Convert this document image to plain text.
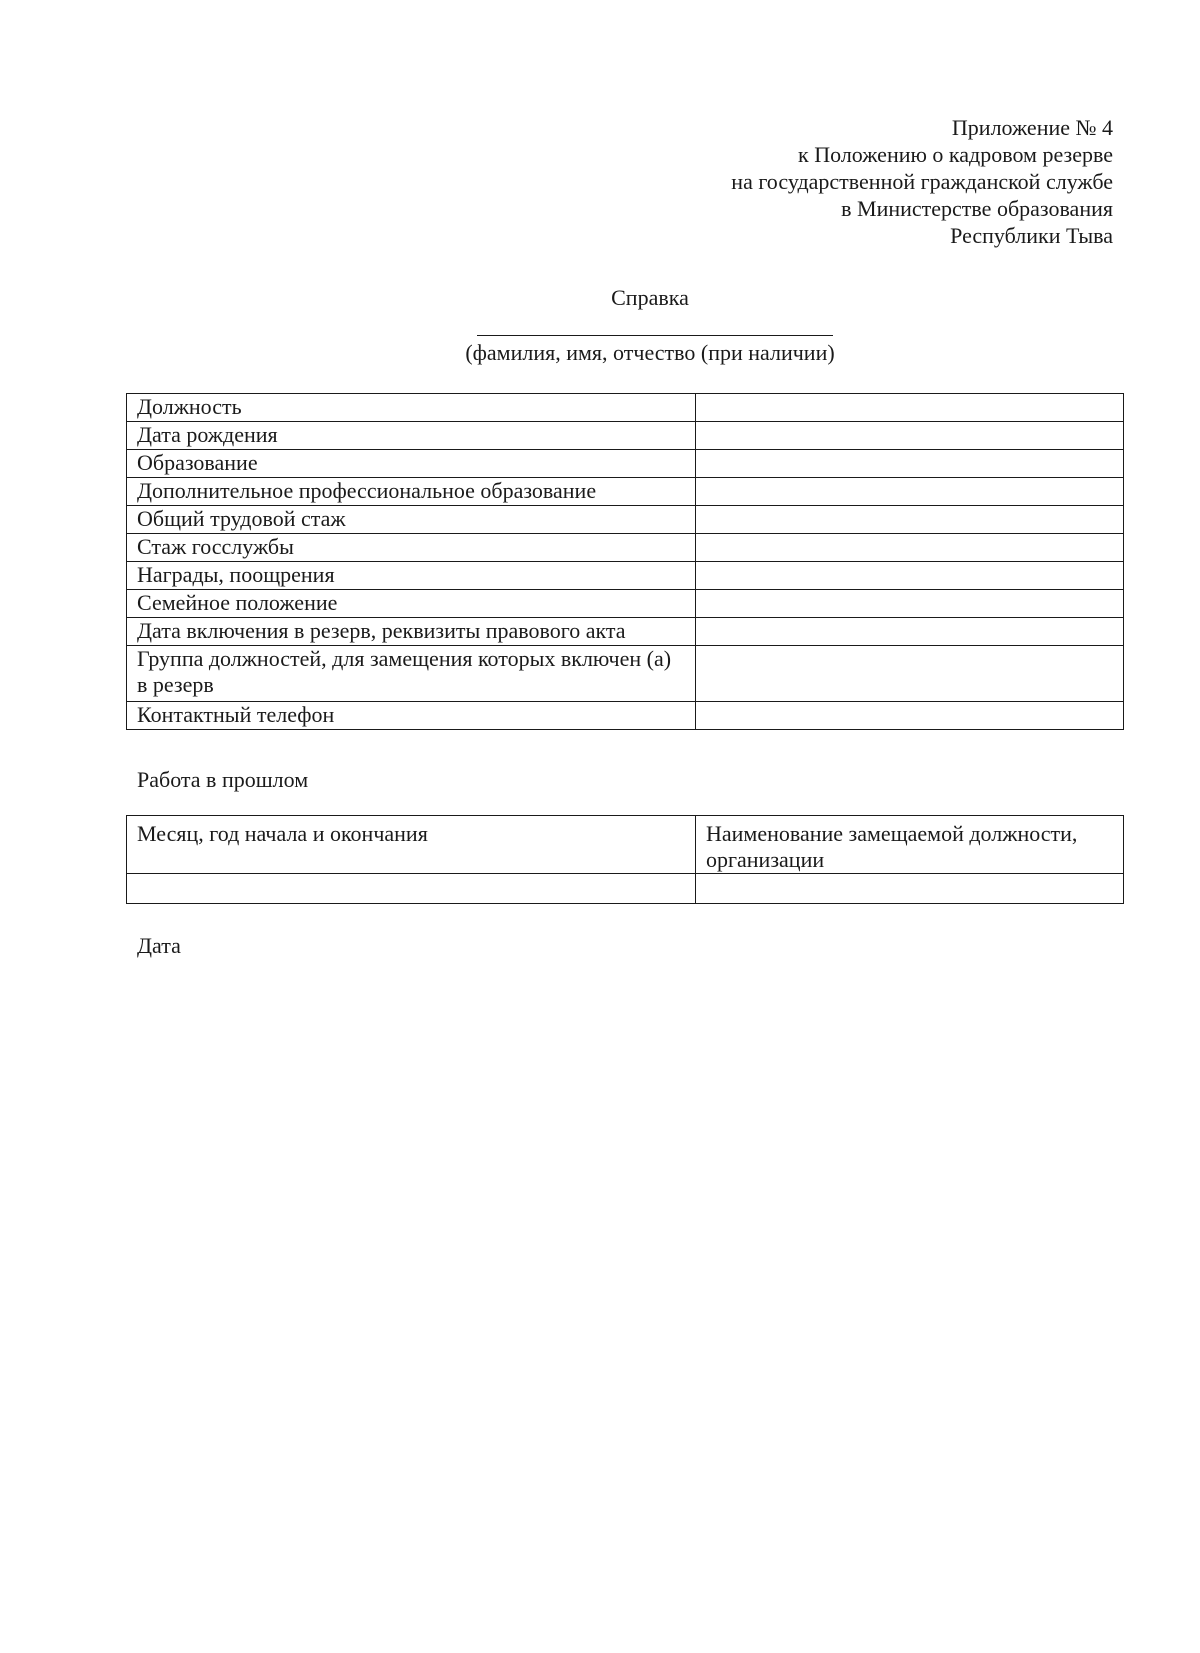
Приложение № 4
к Положению о кадровом резерве
на государственной гражданской службе
в Министерстве образования
Республики Тыва
Справка
(фамилия, имя, отчество (при наличии)
Должность	
Дата рождения	
Образование	
Дополнительное профессиональное образование	
Общий трудовой стаж	
Стаж госслужбы	
Награды, поощрения	
Семейное положение	
Дата включения в резерв, реквизиты правового акта	
Группа должностей, для замещения которых включен (а) в резерв	
Контактный телефон	
Работа в прошлом
Месяц, год начала и окончания	Наименование замещаемой должности, организации

Дата
